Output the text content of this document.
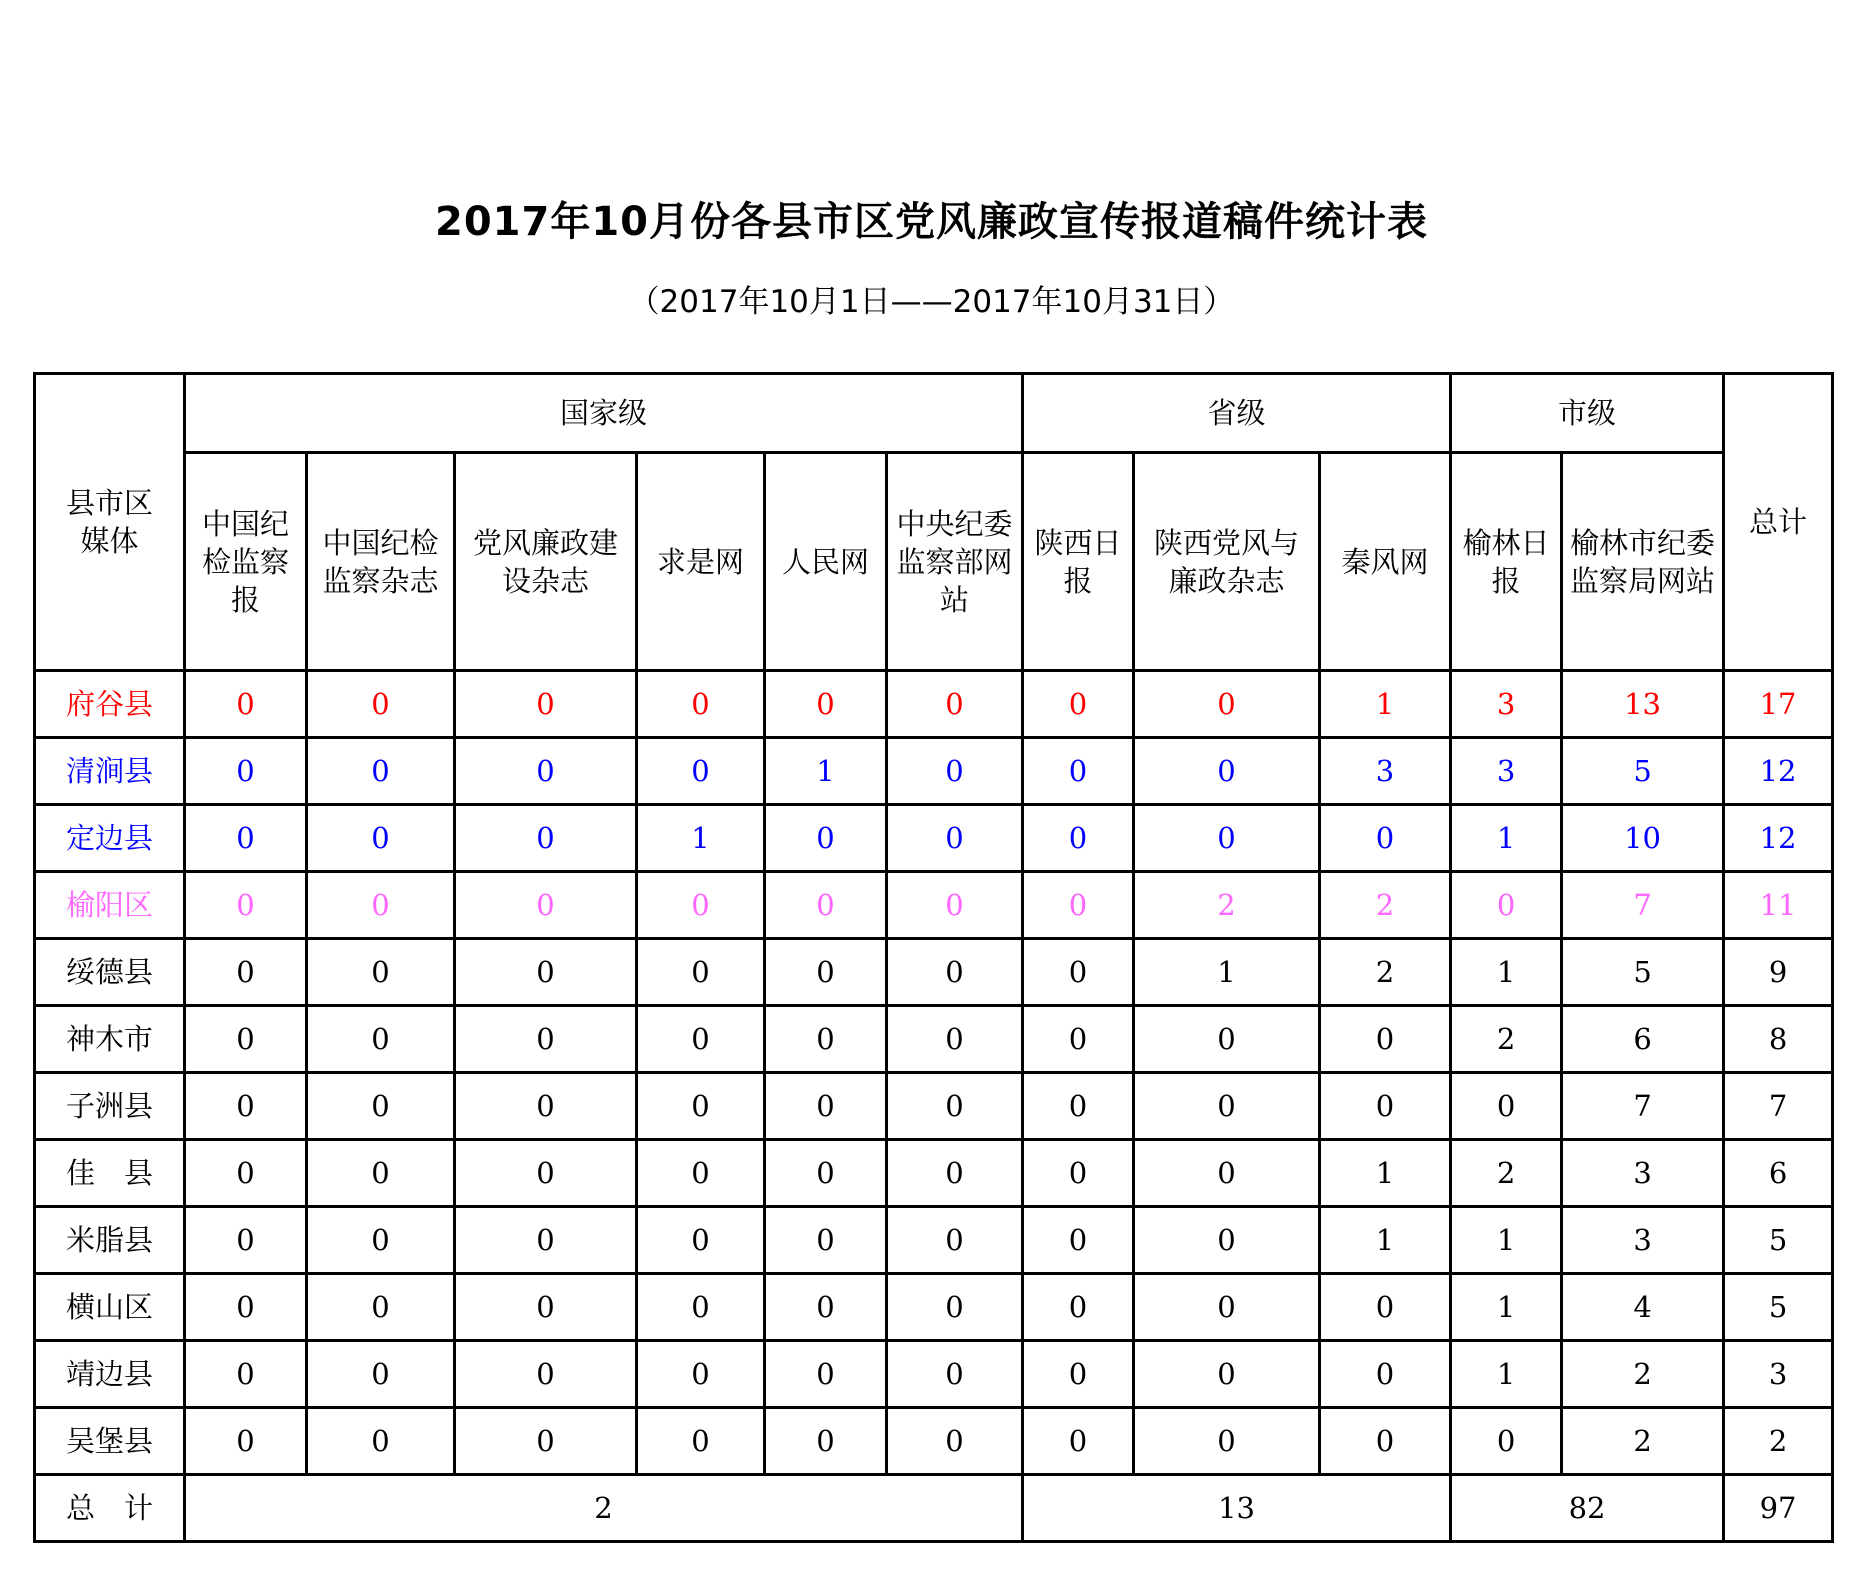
2017年10月份各县市区党风廉政宣传报道稿件统计表
（2017年10月1日——2017年10月31日）
县市区
媒体	国家级						省级			市级		总计
	中国纪检监察报	中国纪检监察杂志	党风廉政建设杂志	求是网	人民网	中央纪委监察部网站	陕西日报	陕西党风与廉政杂志	秦风网	榆林日报	榆林市纪委监察局网站	
府谷县	0	0	0	0	0	0	0	0	1	3	13	17
清涧县	0	0	0	0	1	0	0	0	3	3	5	12
定边县	0	0	0	1	0	0	0	0	0	1	10	12
榆阳区	0	0	0	0	0	0	0	2	2	0	7	11
绥德县	0	0	0	0	0	0	0	1	2	1	5	9
神木市	0	0	0	0	0	0	0	0	0	2	6	8
子洲县	0	0	0	0	0	0	0	0	0	0	7	7
佳　县	0	0	0	0	0	0	0	0	1	2	3	6
米脂县	0	0	0	0	0	0	0	0	1	1	3	5
横山区	0	0	0	0	0	0	0	0	0	1	4	5
靖边县	0	0	0	0	0	0	0	0	0	1	2	3
吴堡县	0	0	0	0	0	0	0	0	0	0	2	2
总　计	2						13			82		97
